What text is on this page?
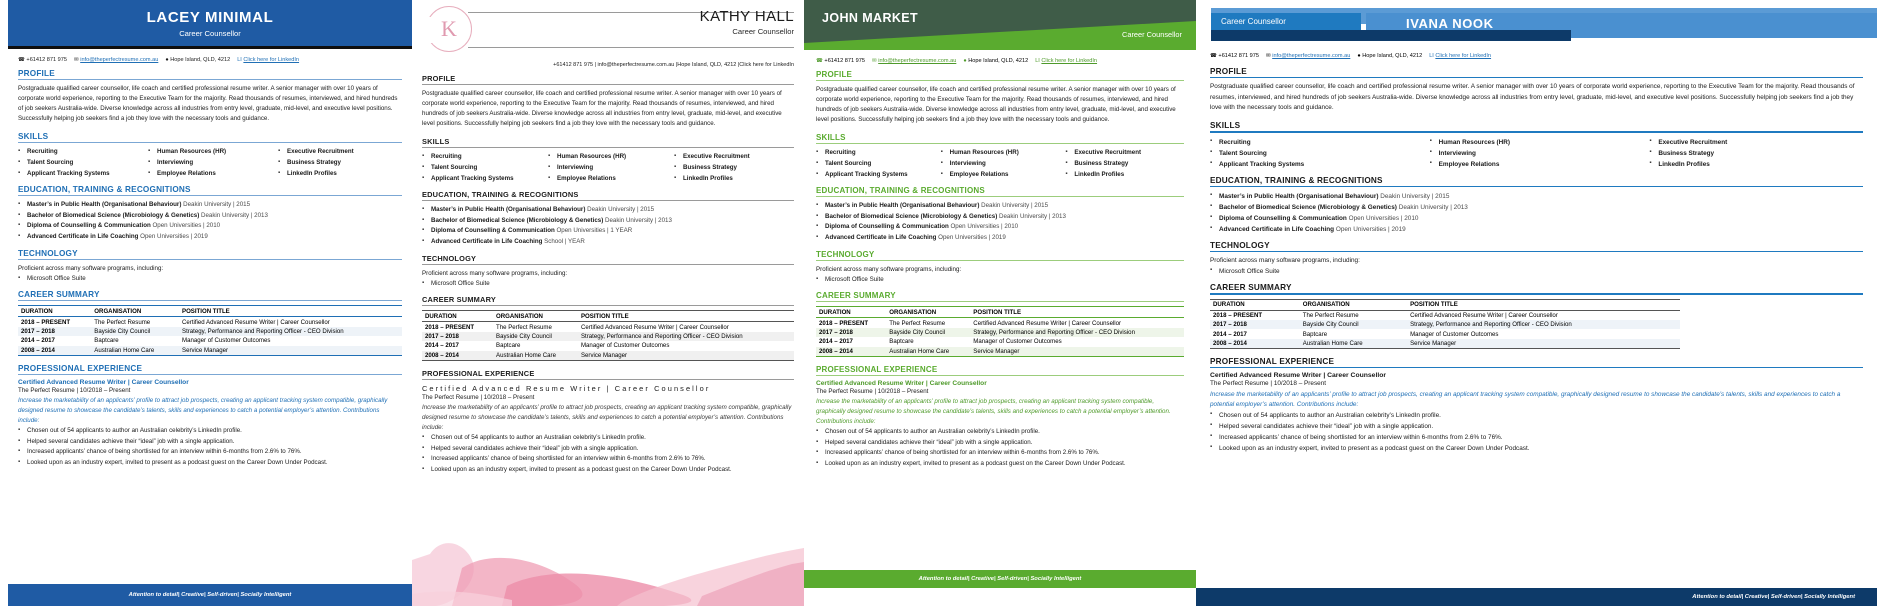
LACEY MINIMAL
Career Counsellor
☎ +61412 871 975 ✉ info@theperfectresume.com.au ● Hope Island, QLD, 4212 LI Click here for LinkedIn
PROFILE
Postgraduate qualified career counsellor, life coach and certified professional resume writer. A senior manager with over 10 years of corporate world experience, reporting to the Executive Team for the majority. Read thousands of resumes, interviewed, and hired hundreds of job seekers Australia-wide. Diverse knowledge across all industries from entry level, graduate, mid-level, and executive level positions. Successfully helping job seekers find a job they love with the necessary tools and guidance.
SKILLS
▪ Recruiting	▪ Human Resources (HR)	▪ Executive Recruitment
▪ Talent Sourcing	▪ Interviewing	▪ Business Strategy
▪ Applicant Tracking Systems	▪ Employee Relations	▪ LinkedIn Profiles
EDUCATION, TRAINING & RECOGNITIONS
▪ Master’s in Public Health (Organisational Behaviour) Deakin University | 2015
▪ Bachelor of Biomedical Science (Microbiology & Genetics) Deakin University | 2013
▪ Diploma of Counselling & Communication Open Universities | 2010
▪ Advanced Certificate in Life Coaching Open Universities | 2019
TECHNOLOGY
Proficient across many software programs, including:
▪ Microsoft Office Suite
CAREER SUMMARY
DURATION	ORGANISATION	POSITION TITLE
2018 – PRESENT	The Perfect Resume	Certified Advanced Resume Writer | Career Counsellor
2017 – 2018	Bayside City Council	Strategy, Performance and Reporting Officer - CEO Division
2014 – 2017	Baptcare	Manager of Customer Outcomes
2008 – 2014	Australian Home Care	Service Manager
PROFESSIONAL EXPERIENCE
Certified Advanced Resume Writer | Career Counsellor
The Perfect Resume | 10/2018 – Present
Increase the marketability of an applicants’ profile to attract job prospects, creating an applicant tracking system compatible, graphically designed resume to showcase the candidate’s talents, skills and experiences to catch a potential employer’s attention. Contributions include:
▪ Chosen out of 54 applicants to author an Australian celebrity’s LinkedIn profile.
▪ Helped several candidates achieve their “ideal” job with a single application.
▪ Increased applicants’ chance of being shortlisted for an interview within 6-months from 2.6% to 76%.
▪ Looked upon as an industry expert, invited to present as a podcast guest on the Career Down Under Podcast.
Attention to detail| Creative| Self-driven| Socially Intelligent
K	KATHY HALL
Career Counsellor
+61412 871 975 | info@theperfectresume.com.au |Hope Island, QLD, 4212 |Click here for LinkedIn
PROFILE
Postgraduate qualified career counsellor, life coach and certified professional resume writer. A senior manager with over 10 years of corporate world experience, reporting to the Executive Team for the majority. Read thousands of resumes, interviewed, and hired hundreds of job seekers Australia-wide. Diverse knowledge across all industries from entry level, graduate, mid-level, and executive level positions. Successfully helping job seekers find a job they love with the necessary tools and guidance.
SKILLS
▪ Recruiting	▪ Human Resources (HR)	▪ Executive Recruitment
▪ Talent Sourcing	▪ Interviewing	▪ Business Strategy
▪ Applicant Tracking Systems	▪ Employee Relations	▪ LinkedIn Profiles
EDUCATION, TRAINING & RECOGNITIONS
▪ Master’s in Public Health (Organisational Behaviour) Deakin University | 2015
▪ Bachelor of Biomedical Science (Microbiology & Genetics) Deakin University | 2013
▪ Diploma of Counselling & Communication Open Universities | 1 YEAR
▪ Advanced Certificate in Life Coaching School | YEAR
TECHNOLOGY
Proficient across many software programs, including:
▪ Microsoft Office Suite
CAREER SUMMARY
DURATION	ORGANISATION	POSITION TITLE
2018 – PRESENT	The Perfect Resume	Certified Advanced Resume Writer | Career Counsellor
2017 – 2018	Bayside City Council	Strategy, Performance and Reporting Officer - CEO Division
2014 – 2017	Baptcare	Manager of Customer Outcomes
2008 – 2014	Australian Home Care	Service Manager
PROFESSIONAL EXPERIENCE
Certified Advanced Resume Writer | Career Counsellor
The Perfect Resume | 10/2018 – Present
Increase the marketability of an applicants’ profile to attract job prospects, creating an applicant tracking system compatible, graphically designed resume to showcase the candidate’s talents, skills and experiences to catch a potential employer’s attention. Contributions include:
▪ Chosen out of 54 applicants to author an Australian celebrity’s LinkedIn profile.
▪ Helped several candidates achieve their “ideal” job with a single application.
▪ Increased applicants’ chance of being shortlisted for an interview within 6-months from 2.6% to 76%.
▪ Looked upon as an industry expert, invited to present as a podcast guest on the Career Down Under Podcast.
JOHN MARKET
Career Counsellor
☎ +61412 871 975 ✉ info@theperfectresume.com.au ● Hope Island, QLD, 4212 LI Click here for LinkedIn
PROFILE
Postgraduate qualified career counsellor, life coach and certified professional resume writer. A senior manager with over 10 years of corporate world experience, reporting to the Executive Team for the majority. Read thousands of resumes, interviewed, and hired hundreds of job seekers Australia-wide. Diverse knowledge across all industries from entry level, graduate, mid-level, and executive level positions. Successfully helping job seekers find a job they love with the necessary tools and guidance.
SKILLS
▪ Recruiting	▪ Human Resources (HR)	▪ Executive Recruitment
▪ Talent Sourcing	▪ Interviewing	▪ Business Strategy
▪ Applicant Tracking Systems	▪ Employee Relations	▪ LinkedIn Profiles
EDUCATION, TRAINING & RECOGNITIONS
▪ Master’s in Public Health (Organisational Behaviour) Deakin University | 2015
▪ Bachelor of Biomedical Science (Microbiology & Genetics) Deakin University | 2013
▪ Diploma of Counselling & Communication Open Universities | 2010
▪ Advanced Certificate in Life Coaching Open Universities | 2019
TECHNOLOGY
Proficient across many software programs, including:
▪ Microsoft Office Suite
CAREER SUMMARY
DURATION	ORGANISATION	POSITION TITLE
2018 – PRESENT	The Perfect Resume	Certified Advanced Resume Writer | Career Counsellor
2017 – 2018	Bayside City Council	Strategy, Performance and Reporting Officer - CEO Division
2014 – 2017	Baptcare	Manager of Customer Outcomes
2008 – 2014	Australian Home Care	Service Manager
PROFESSIONAL EXPERIENCE
Certified Advanced Resume Writer | Career Counsellor
The Perfect Resume | 10/2018 – Present
Increase the marketability of an applicants’ profile to attract job prospects, creating an applicant tracking system compatible, graphically designed resume to showcase the candidate’s talents, skills and experiences to catch a potential employer’s attention. Contributions include:
▪ Chosen out of 54 applicants to author an Australian celebrity’s LinkedIn profile.
▪ Helped several candidates achieve their “ideal” job with a single application.
▪ Increased applicants’ chance of being shortlisted for an interview within 6-months from 2.6% to 76%.
▪ Looked upon as an industry expert, invited to present as a podcast guest on the Career Down Under Podcast.
Attention to detail| Creative| Self-driven| Socially Intelligent
Career Counsellor	IVANA NOOK
☎ +61412 871 975 ✉ info@theperfectresume.com.au ● Hope Island, QLD, 4212 LI Click here for LinkedIn
PROFILE
Postgraduate qualified career counsellor, life coach and certified professional resume writer. A senior manager with over 10 years of corporate world experience, reporting to the Executive Team for the majority. Read thousands of resumes, interviewed, and hired hundreds of job seekers Australia-wide. Diverse knowledge across all industries from entry level, graduate, mid-level, and executive level positions. Successfully helping job seekers find a job they love with the necessary tools and guidance.
SKILLS
▪ Recruiting	▪ Human Resources (HR)	▪ Executive Recruitment
▪ Talent Sourcing	▪ Interviewing	▪ Business Strategy
▪ Applicant Tracking Systems	▪ Employee Relations	▪ LinkedIn Profiles
EDUCATION, TRAINING & RECOGNITIONS
▪ Master’s in Public Health (Organisational Behaviour) Deakin University | 2015
▪ Bachelor of Biomedical Science (Microbiology & Genetics) Deakin University | 2013
▪ Diploma of Counselling & Communication Open Universities | 2010
▪ Advanced Certificate in Life Coaching Open Universities | 2019
TECHNOLOGY
Proficient across many software programs, including:
▪ Microsoft Office Suite
CAREER SUMMARY
DURATION	ORGANISATION	POSITION TITLE
2018 – PRESENT	The Perfect Resume	Certified Advanced Resume Writer | Career Counsellor
2017 – 2018	Bayside City Council	Strategy, Performance and Reporting Officer - CEO Division
2014 – 2017	Baptcare	Manager of Customer Outcomes
2008 – 2014	Australian Home Care	Service Manager
PROFESSIONAL EXPERIENCE
Certified Advanced Resume Writer | Career Counsellor
The Perfect Resume | 10/2018 – Present
Increase the marketability of an applicants’ profile to attract job prospects, creating an applicant tracking system compatible, graphically designed resume to showcase the candidate’s talents, skills and experiences to catch a potential employer’s attention. Contributions include:
▪ Chosen out of 54 applicants to author an Australian celebrity’s LinkedIn profile.
▪ Helped several candidates achieve their “ideal” job with a single application.
▪ Increased applicants’ chance of being shortlisted for an interview within 6-months from 2.6% to 76%.
▪ Looked upon as an industry expert, invited to present as a podcast guest on the Career Down Under Podcast.
Attention to detail| Creative| Self-driven| Socially Intelligent
